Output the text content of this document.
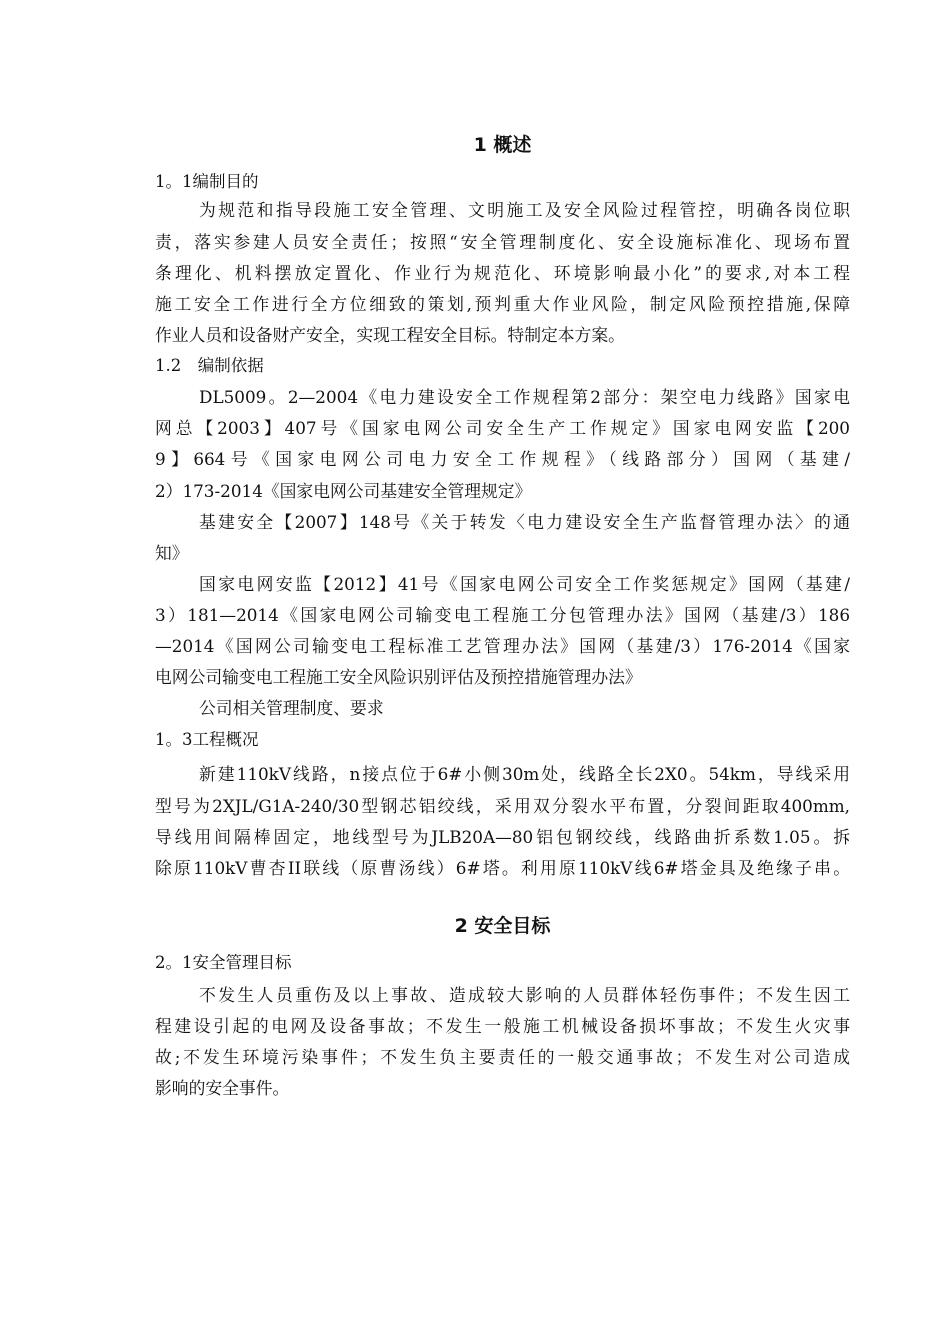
1 概述
1。1编制目的
为规范和指导段施工安全管理、文明施工及安全风险过程管控，明确各岗位职
责，落实参建人员安全责任；按照“安全管理制度化、安全设施标准化、现场布置
条理化、机料摆放定置化、作业行为规范化、环境影响最小化”的要求,对本工程
施工安全工作进行全方位细致的策划,预判重大作业风险，制定风险预控措施,保障
作业人员和设备财产安全，实现工程安全目标。特制定本方案。
1.2　编制依据
DL5009。2—2004《电力建设安全工作规程第2部分：架空电力线路》国家电
网总【2003】407号《国家电网公司安全生产工作规定》国家电网安监【200
9】664号《国家电网公司电力安全工作规程》（线路部分）国网（基建/
2）173-2014《国家电网公司基建安全管理规定》
基建安全【2007】148号《关于转发〈电力建设安全生产监督管理办法〉的通
知》
国家电网安监【2012】41号《国家电网公司安全工作奖惩规定》国网（基建/
3）181—2014《国家电网公司输变电工程施工分包管理办法》国网（基建/3）186
—2014《国网公司输变电工程标准工艺管理办法》国网（基建/3）176-2014《国家
电网公司输变电工程施工安全风险识别评估及预控措施管理办法》
公司相关管理制度、要求
1。3工程概况
新建110kV线路，n接点位于6#小侧30m处，线路全长2X0。54km，导线采用
型号为2XJL/G1A-240/30型钢芯铝绞线，采用双分裂水平布置，分裂间距取400mm,
导线用间隔棒固定，地线型号为JLB20A—80铝包钢绞线，线路曲折系数1.05。拆
除原110kV曹杏II联线（原曹汤线）6#塔。利用原110kV线6#塔金具及绝缘子串。
2 安全目标
2。1安全管理目标
不发生人员重伤及以上事故、造成较大影响的人员群体轻伤事件；不发生因工
程建设引起的电网及设备事故；不发生一般施工机械设备损坏事故；不发生火灾事
故;不发生环境污染事件；不发生负主要责任的一般交通事故；不发生对公司造成
影响的安全事件。
